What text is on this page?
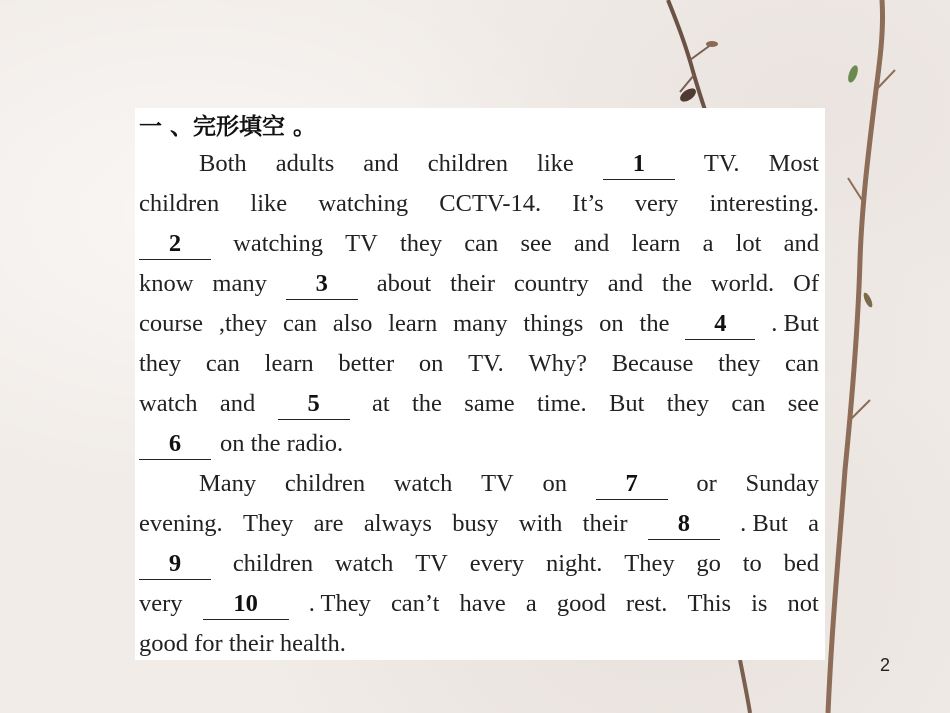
一 、完形填空 。
Both adults and children like	1	TV. Most
children like watching CCTV-14. It’s very interesting.
2	watching TV they can see and learn a lot and
know many	3	about their country and the world. Of
course ,they can also learn many things on the	4	. But
they can learn better on TV. Why? Because they can
watch and	5	at the same time. But they can see
6	on the radio.
Many children watch TV on	7	or Sunday
evening. They are always busy with their	8	. But a
9	children watch TV every night. They go to bed
very	10	. They can’t have a good rest. This is not
good for their health.
2
